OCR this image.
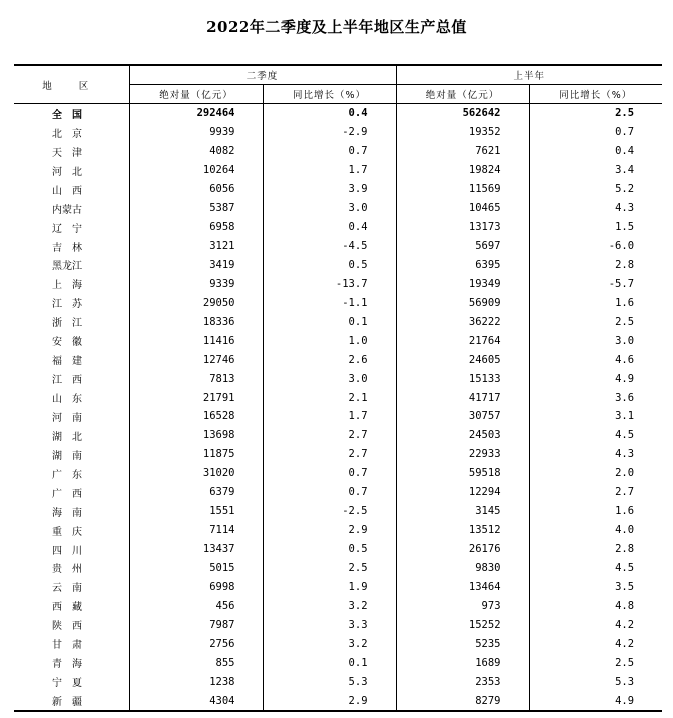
2022年二季度及上半年地区生产总值
地 区	二季度		上半年	
	绝对量（亿元）	同比增长（%）	绝对量（亿元）	同比增长（%）
全　国	292464	0.4	562642	2.5
北　京	9939	-2.9	19352	0.7
天　津	4082	0.7	7621	0.4
河　北	10264	1.7	19824	3.4
山　西	6056	3.9	11569	5.2
内蒙古	5387	3.0	10465	4.3
辽　宁	6958	0.4	13173	1.5
吉　林	3121	-4.5	5697	-6.0
黑龙江	3419	0.5	6395	2.8
上　海	9339	-13.7	19349	-5.7
江　苏	29050	-1.1	56909	1.6
浙　江	18336	0.1	36222	2.5
安　徽	11416	1.0	21764	3.0
福　建	12746	2.6	24605	4.6
江　西	7813	3.0	15133	4.9
山　东	21791	2.1	41717	3.6
河　南	16528	1.7	30757	3.1
湖　北	13698	2.7	24503	4.5
湖　南	11875	2.7	22933	4.3
广　东	31020	0.7	59518	2.0
广　西	6379	0.7	12294	2.7
海　南	1551	-2.5	3145	1.6
重　庆	7114	2.9	13512	4.0
四　川	13437	0.5	26176	2.8
贵　州	5015	2.5	9830	4.5
云　南	6998	1.9	13464	3.5
西　藏	456	3.2	973	4.8
陕　西	7987	3.3	15252	4.2
甘　肃	2756	3.2	5235	4.2
青　海	855	0.1	1689	2.5
宁　夏	1238	5.3	2353	5.3
新　疆	4304	2.9	8279	4.9
